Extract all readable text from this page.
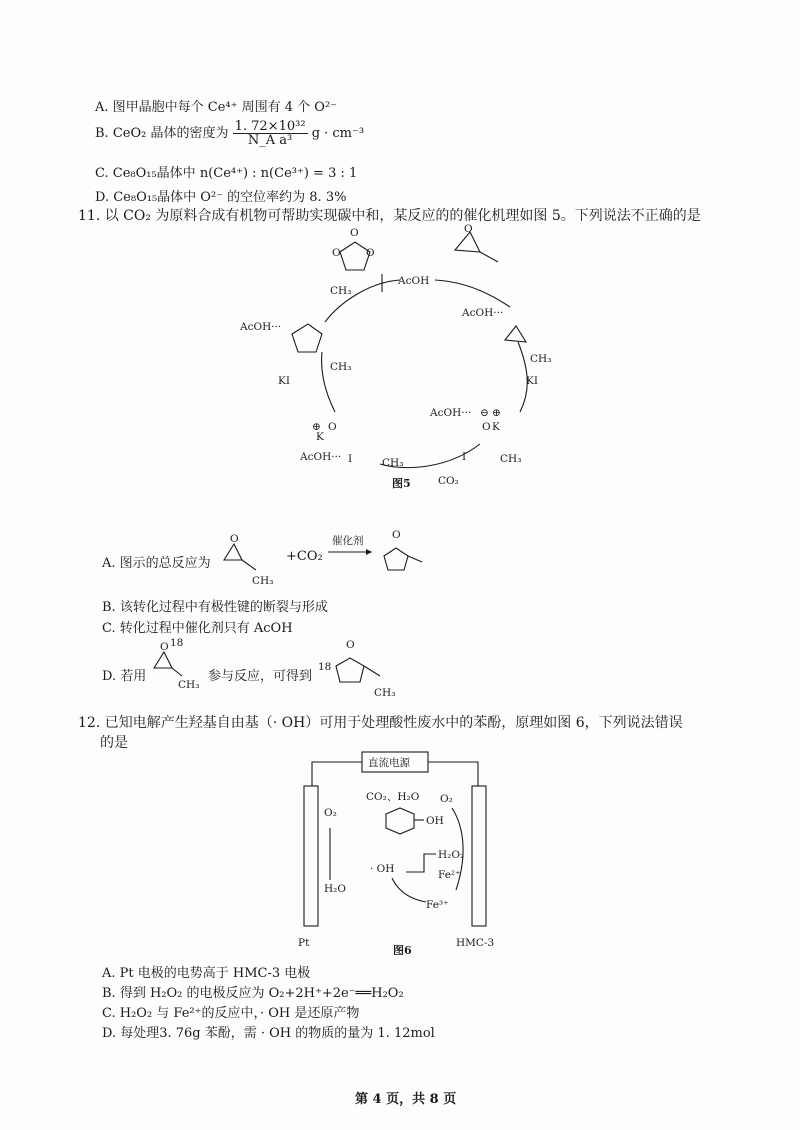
A. 图甲晶胞中每个 Ce⁴⁺ 周围有 4 个 O²⁻
B. CeO₂ 晶体的密度为 $\frac{\text{1. 72×10³²}}{\text{N\_A a³}}$ g · cm⁻³
C. Ce₈O₁₅晶体中 n(Ce⁴⁺) : n(Ce³⁺) = 3 : 1
D. Ce₈O₁₅晶体中 O²⁻ 的空位率约为 8. 3%
11. 以 CO₂ 为原料合成有机物可帮助实现碳中和，某反应的的催化机理如图 5。下列说法不正确的是
O
O O
CH₃
AcOH
O
AcOH···
CH₃
KI
AcOH···
CH₃
KI
⊕ O
K
AcOH··· I	CH₃
AcOH··· ⊖ ⊕
O K
I	CH₃
CO₂
图5
A. 图示的总反应为
O
CH₃
+CO₂
催化剂	O
B. 该转化过程中有极性键的断裂与形成
C. 转化过程中催化剂只有 AcOH
D. 若用
O 18
CH₃
参与反应，可得到
18
O
CH₃
12. 已知电解产生羟基自由基（· OH）可用于处理酸性废水中的苯酚，原理如图 6，下列说法错误
的是
直流电源
Pt	HMC-3
O₂
H₂O
CO₂、H₂O
OH
· OH
O₂
H₂O₂
Fe²⁺
Fe³⁺
图6
A. Pt 电极的电势高于 HMC-3 电极
B. 得到 H₂O₂ 的电极反应为 O₂+2H⁺+2e⁻══H₂O₂
C. H₂O₂ 与 Fe²⁺的反应中，· OH 是还原产物
D. 每处理3. 76g 苯酚，需 · OH 的物质的量为 1. 12mol
第 4 页，共 8 页
